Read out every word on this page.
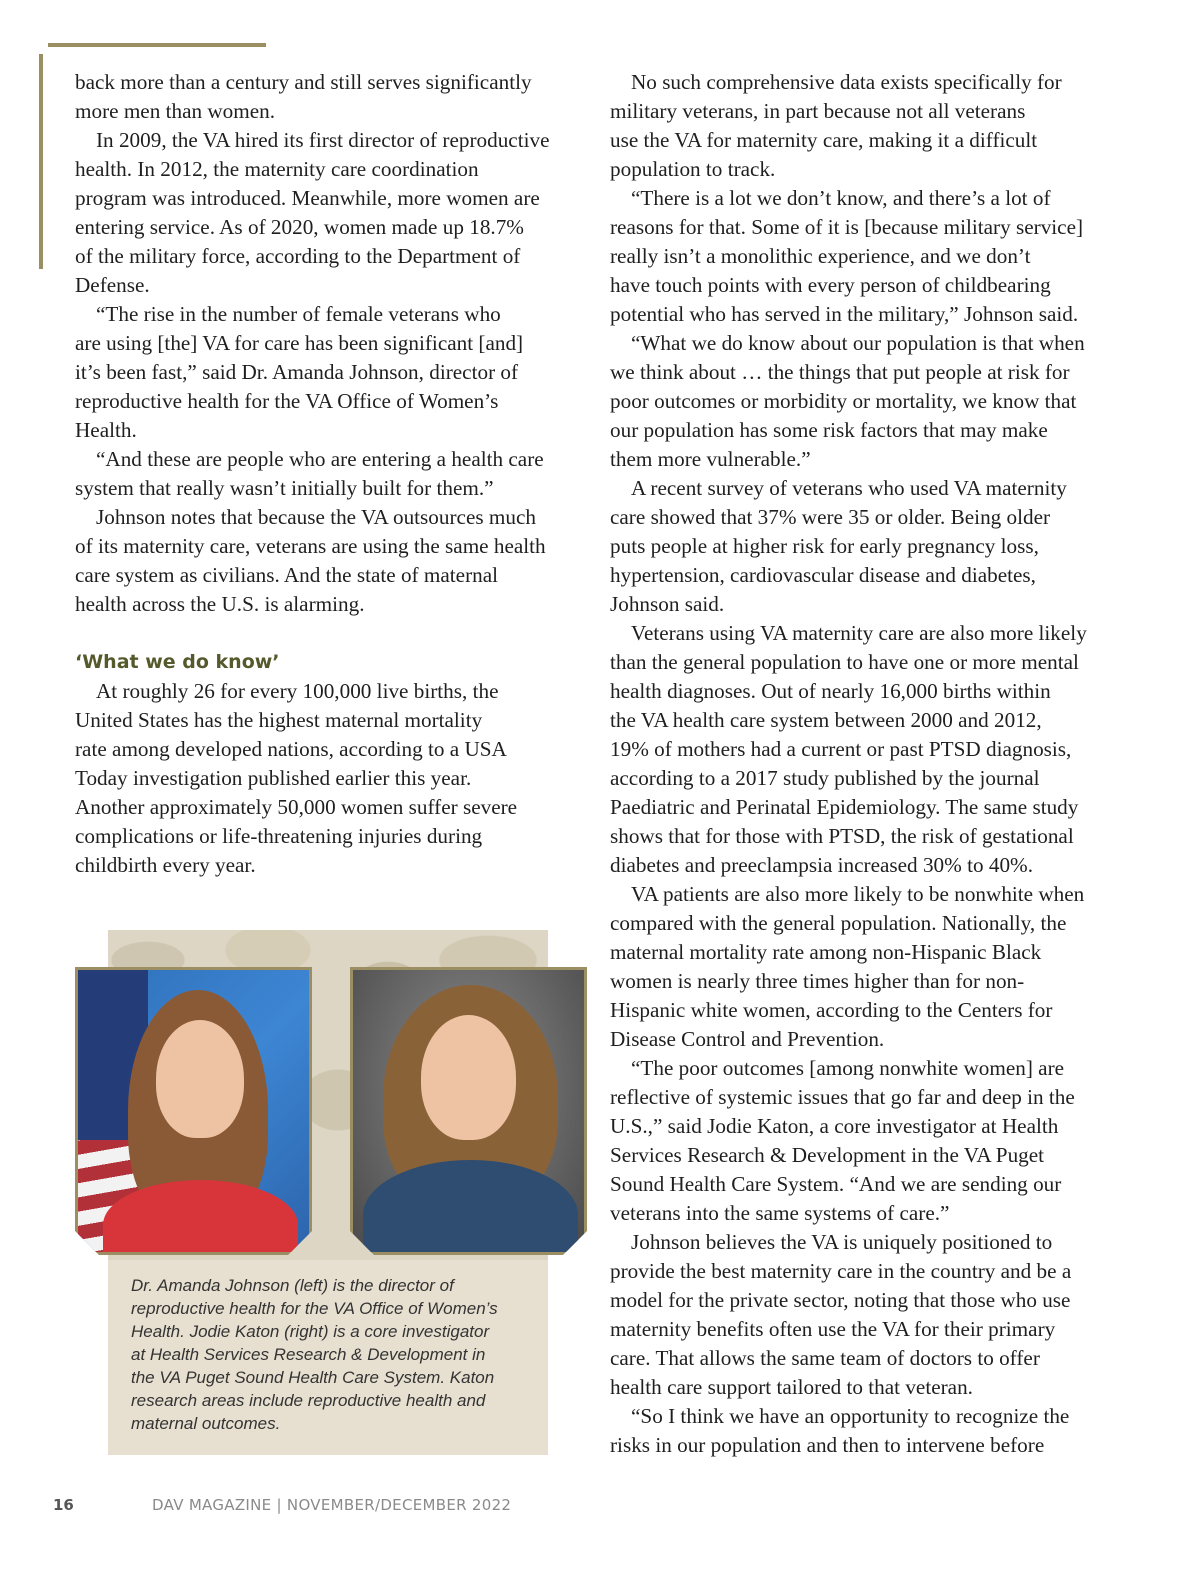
back more than a century and still serves significantly
more men than women.

In 2009, the VA hired its first director of reproductive
health. In 2012, the maternity care coordination
program was introduced. Meanwhile, more women are
entering service. As of 2020, women made up 18.7%
of the military force, according to the Department of
Defense.

“The rise in the number of female veterans who
are using [the] VA for care has been significant [and]
it’s been fast,” said Dr. Amanda Johnson, director of
reproductive health for the VA Office of Women’s
Health.

“And these are people who are entering a health care
system that really wasn’t initially built for them.”

Johnson notes that because the VA outsources much
of its maternity care, veterans are using the same health
care system as civilians. And the state of maternal
health across the U.S. is alarming.

‘What we do know’

At roughly 26 for every 100,000 live births, the
United States has the highest maternal mortality
rate among developed nations, according to a USA
Today investigation published earlier this year.
Another approximately 50,000 women suffer severe
complications or life-threatening injuries during
childbirth every year.

No such comprehensive data exists specifically for
military veterans, in part because not all veterans
use the VA for maternity care, making it a difficult
population to track.

“There is a lot we don’t know, and there’s a lot of
reasons for that. Some of it is [because military service]
really isn’t a monolithic experience, and we don’t
have touch points with every person of childbearing
potential who has served in the military,” Johnson said.

“What we do know about our population is that when
we think about … the things that put people at risk for
poor outcomes or morbidity or mortality, we know that
our population has some risk factors that may make
them more vulnerable.”

A recent survey of veterans who used VA maternity
care showed that 37% were 35 or older. Being older
puts people at higher risk for early pregnancy loss,
hypertension, cardiovascular disease and diabetes,
Johnson said.

Veterans using VA maternity care are also more likely
than the general population to have one or more mental
health diagnoses. Out of nearly 16,000 births within
the VA health care system between 2000 and 2012,
19% of mothers had a current or past PTSD diagnosis,
according to a 2017 study published by the journal
Paediatric and Perinatal Epidemiology. The same study
shows that for those with PTSD, the risk of gestational
diabetes and preeclampsia increased 30% to 40%.

VA patients are also more likely to be nonwhite when
compared with the general population. Nationally, the
maternal mortality rate among non-Hispanic Black
women is nearly three times higher than for non-
Hispanic white women, according to the Centers for
Disease Control and Prevention.

“The poor outcomes [among nonwhite women] are
reflective of systemic issues that go far and deep in the
U.S.,” said Jodie Katon, a core investigator at Health
Services Research & Development in the VA Puget
Sound Health Care System. “And we are sending our
veterans into the same systems of care.”

Johnson believes the VA is uniquely positioned to
provide the best maternity care in the country and be a
model for the private sector, noting that those who use
maternity benefits often use the VA for their primary
care. That allows the same team of doctors to offer
health care support tailored to that veteran.

“So I think we have an opportunity to recognize the
risks in our population and then to intervene before

Dr. Amanda Johnson (left) is the director of
reproductive health for the VA Office of Women’s
Health. Jodie Katon (right) is a core investigator
at Health Services Research & Development in
the VA Puget Sound Health Care System. Katon
research areas include reproductive health and
maternal outcomes.
16	DAV MAGAZINE | NOVEMBER/DECEMBER 2022
